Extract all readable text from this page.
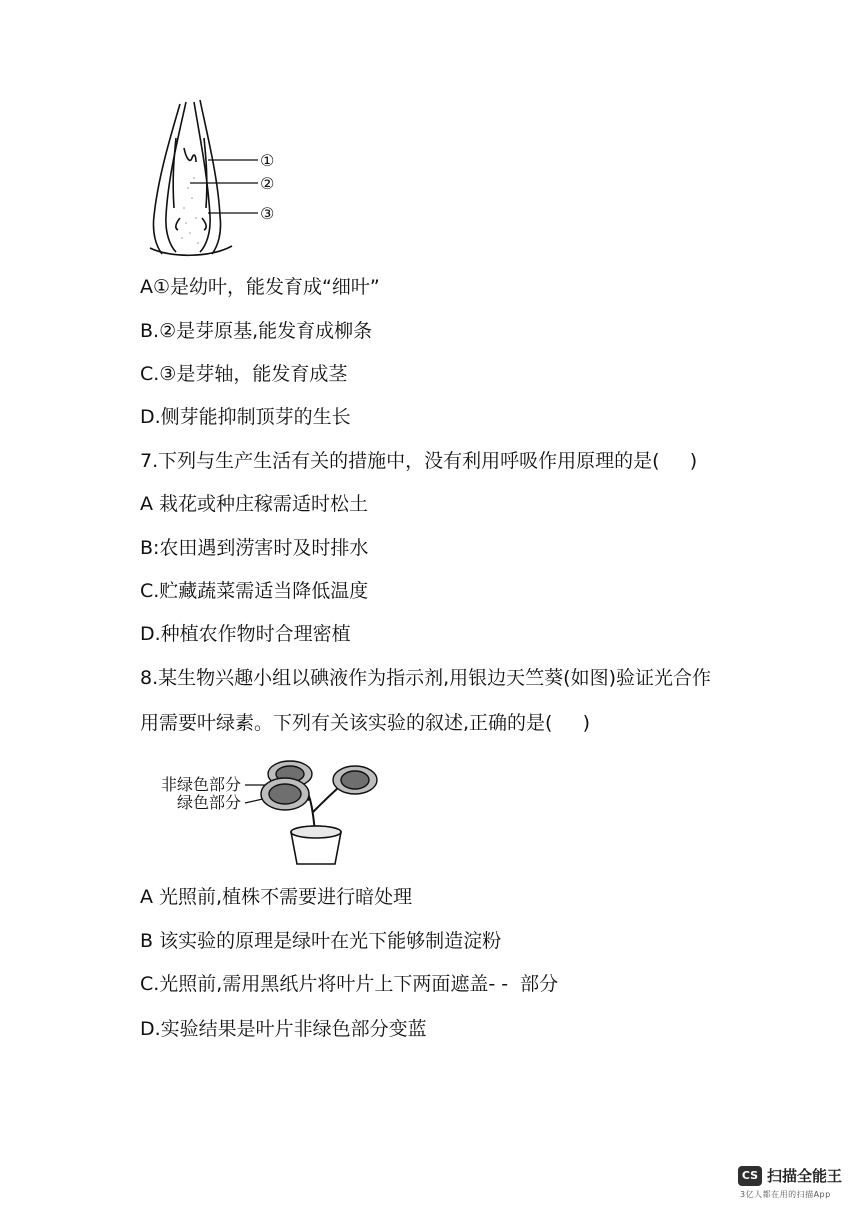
①
②
③
A①是幼叶，能发育成“细叶”
B.②是芽原基,能发育成柳条
C.③是芽轴，能发育成茎
D.侧芽能抑制顶芽的生长
7.下列与生产生活有关的措施中，没有利用呼吸作用原理的是(     )
A 栽花或种庄稼需适时松土
B:农田遇到涝害时及时排水
C.贮藏蔬菜需适当降低温度
D.种植农作物时合理密植
8.某生物兴趣小组以碘液作为指示剂,用银边天竺葵(如图)验证光合作
用需要叶绿素。下列有关该实验的叙述,正确的是(     )
非绿色部分
绿色部分
A 光照前,植株不需要进行暗处理
B 该实验的原理是绿叶在光下能够制造淀粉
C.光照前,需用黑纸片将叶片上下两面遮盖- -  部分
D.实验结果是叶片非绿色部分变蓝
CS 扫描全能王
3亿人都在用的扫描App
